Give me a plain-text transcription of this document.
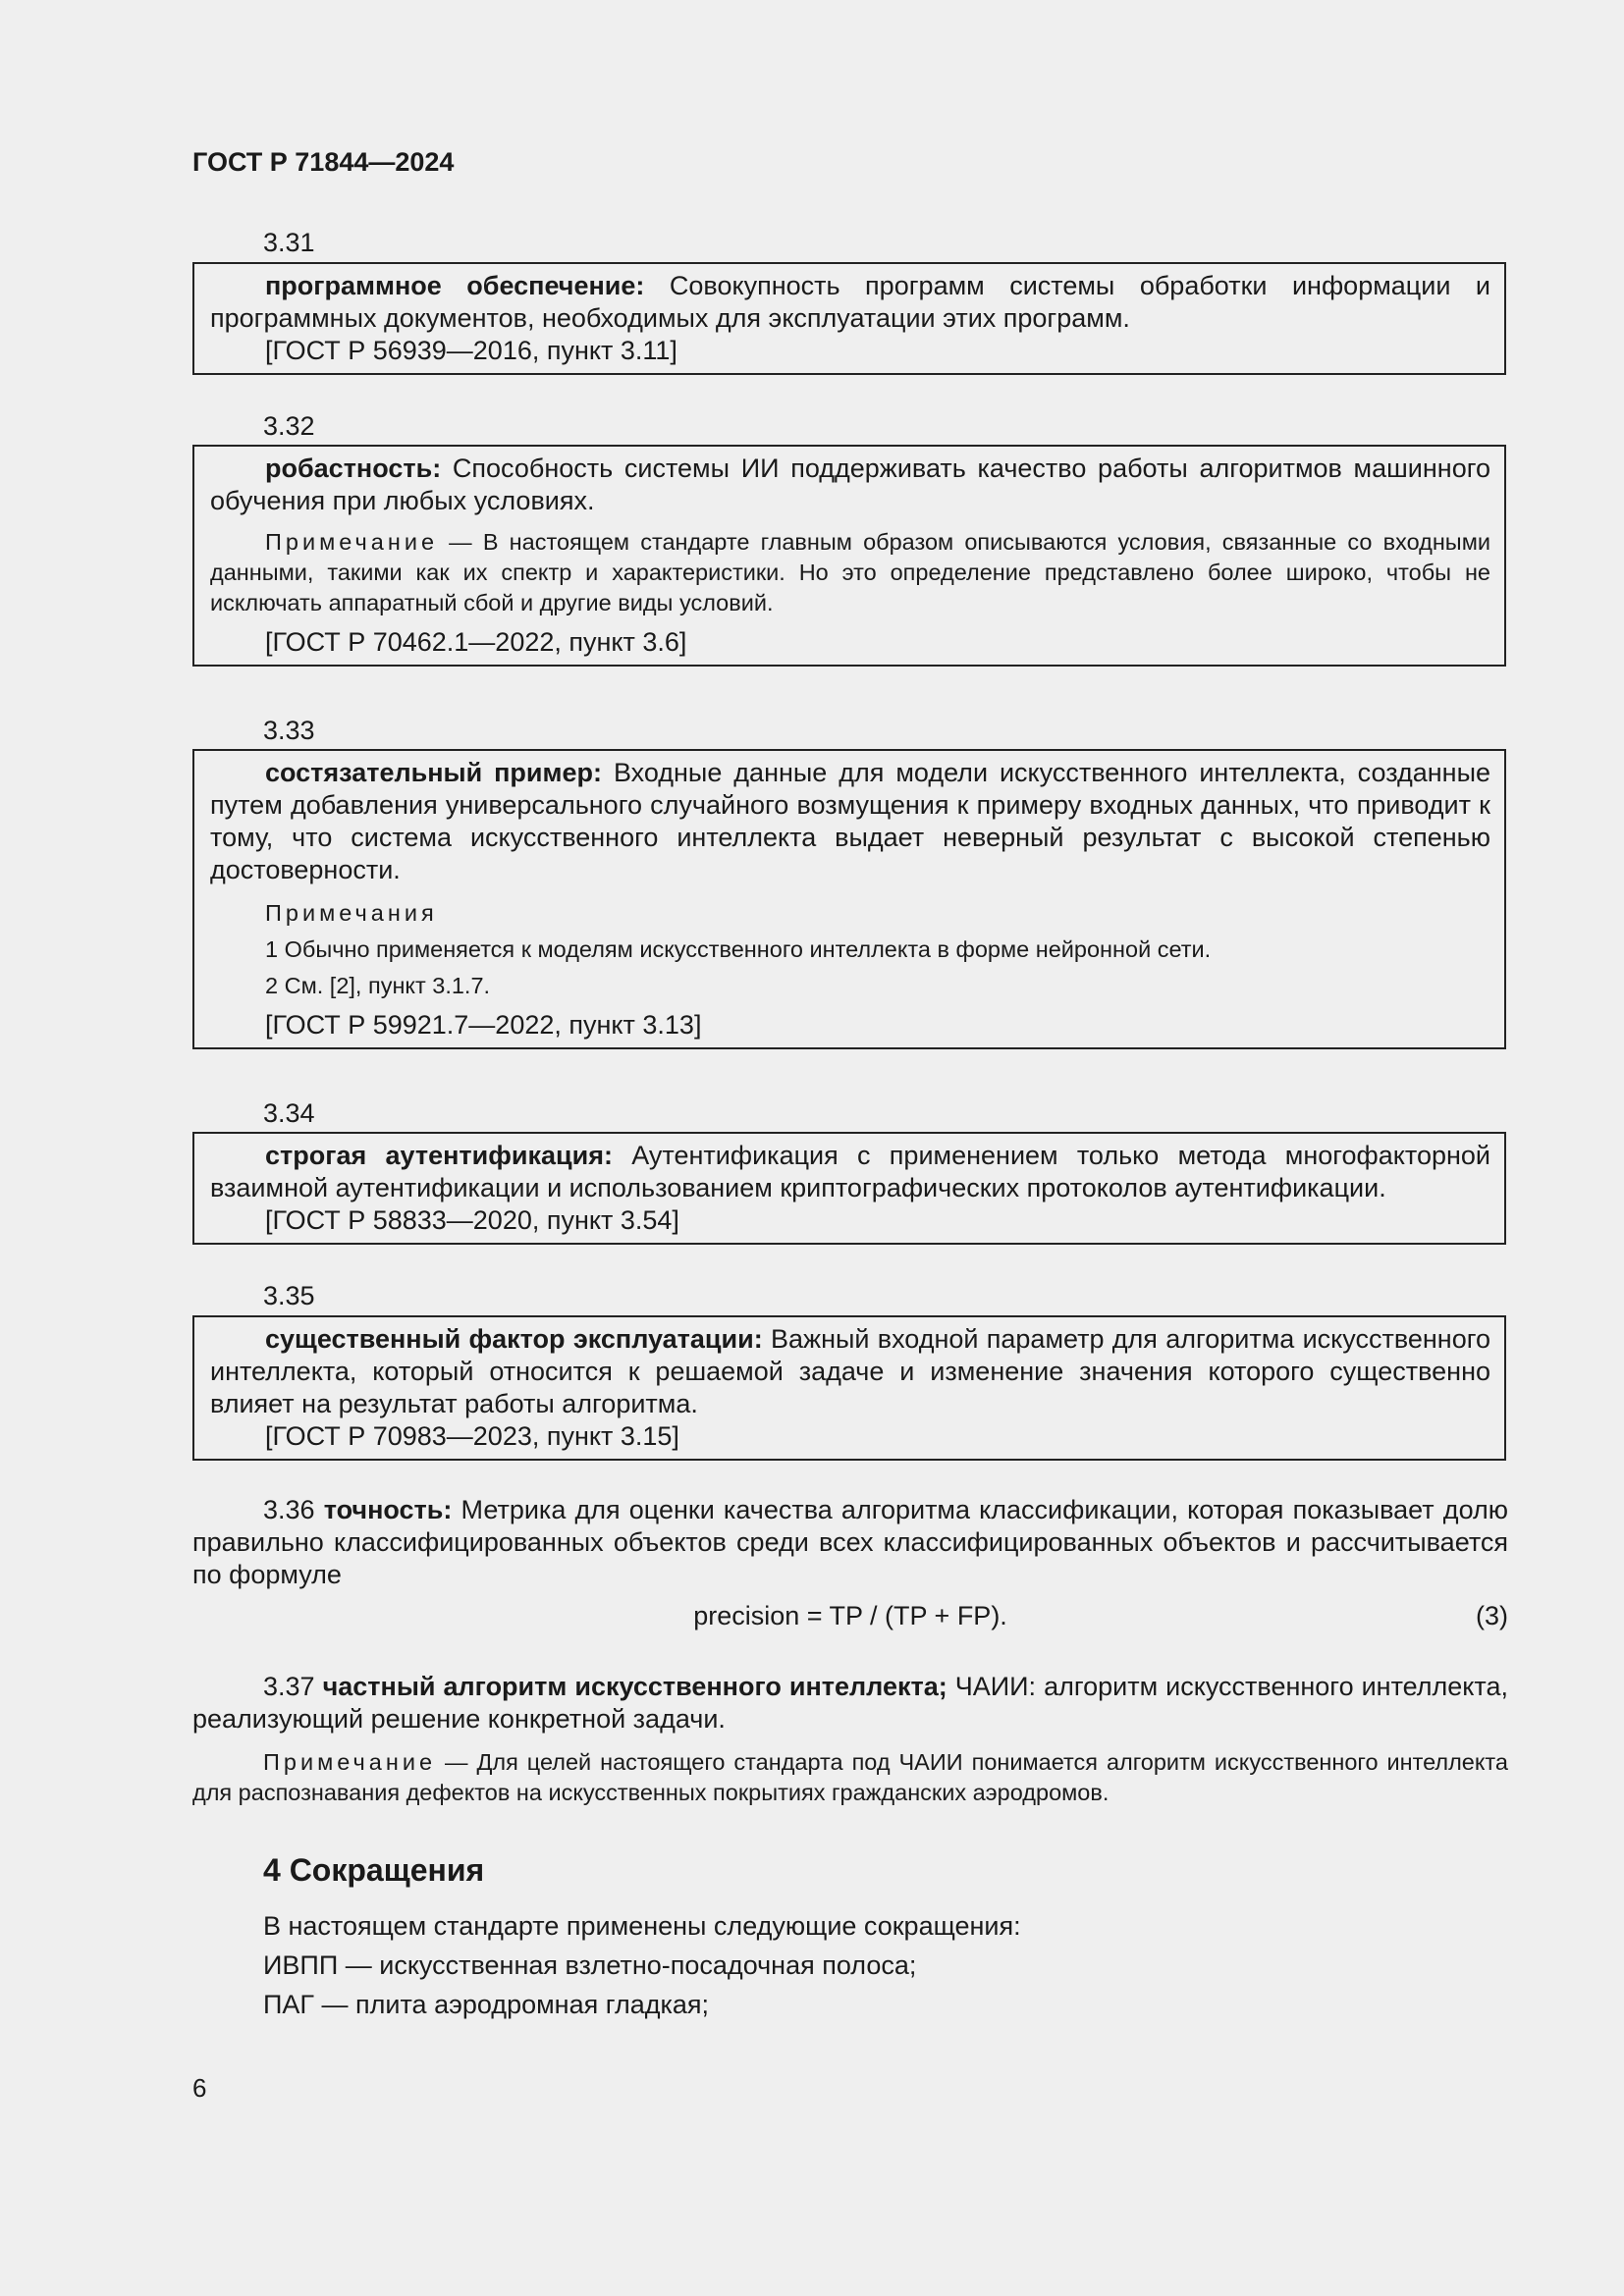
ГОСТ Р 71844—2024
3.31

программное обеспечение: Совокупность программ системы обработки информации и программных документов, необходимых для эксплуатации этих программ.

[ГОСТ Р 56939—2016, пункт 3.11]

3.32

робастность: Способность системы ИИ поддерживать качество работы алгоритмов машинного обучения при любых условиях.

Примечание — В настоящем стандарте главным образом описываются условия, связанные со входными данными, такими как их спектр и характеристики. Но это определение представлено более широко, чтобы не исключать аппаратный сбой и другие виды условий.

[ГОСТ Р 70462.1—2022, пункт 3.6]

3.33

состязательный пример: Входные данные для модели искусственного интеллекта, созданные путем добавления универсального случайного возмущения к примеру входных данных, что приводит к тому, что система искусственного интеллекта выдает неверный результат с высокой степенью достоверности.

Примечания

1 Обычно применяется к моделям искусственного интеллекта в форме нейронной сети.

2 См. [2], пункт 3.1.7.

[ГОСТ Р 59921.7—2022, пункт 3.13]

3.34

строгая аутентификация: Аутентификация с применением только метода многофакторной взаимной аутентификации и использованием криптографических протоколов аутентификации.

[ГОСТ Р 58833—2020, пункт 3.54]

3.35

существенный фактор эксплуатации: Важный входной параметр для алгоритма искусственного интеллекта, который относится к решаемой задаче и изменение значения которого существенно влияет на результат работы алгоритма.

[ГОСТ Р 70983—2023, пункт 3.15]

3.36 точность: Метрика для оценки качества алгоритма классификации, которая показывает долю правильно классифицированных объектов среди всех классифицированных объектов и рассчитывается по формуле

precision = TP / (TP + FP).	(3)

3.37 частный алгоритм искусственного интеллекта; ЧАИИ: алгоритм искусственного интеллекта, реализующий решение конкретной задачи.

Примечание — Для целей настоящего стандарта под ЧАИИ понимается алгоритм искусственного интеллекта для распознавания дефектов на искусственных покрытиях гражданских аэродромов.

4 Сокращения

В настоящем стандарте применены следующие сокращения:

ИВПП — искусственная взлетно-посадочная полоса;

ПАГ — плита аэродромная гладкая;

6
